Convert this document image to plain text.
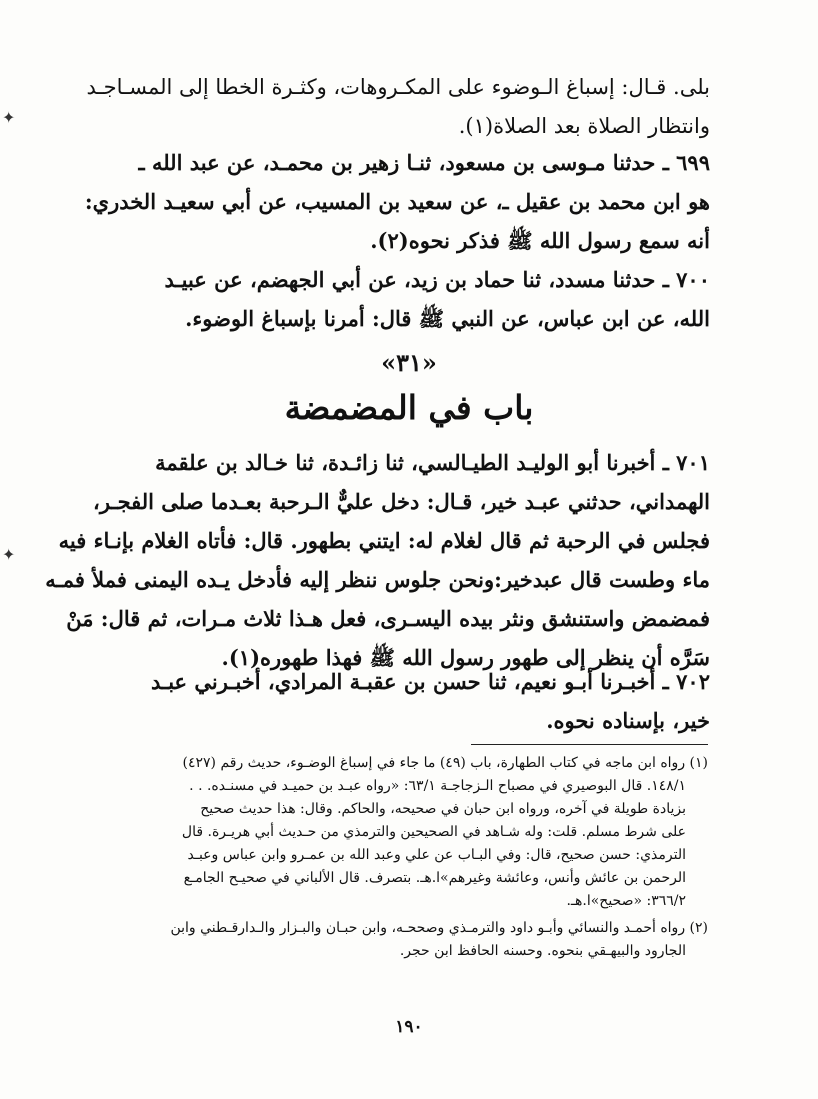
بلى. قـال: إسباغ الـوضوء على المكـروهات، وكثـرة الخطا إلى المسـاجـد
وانتظار الصلاة بعد الصلاة(١).
٦٩٩ ـ حدثنا مـوسى بن مسعود، ثنـا زهير بن محمـد، عن عبد الله ـ
هو ابن محمد بن عقيل ـ، عن سعيد بن المسيب، عن أبي سعيـد الخدري:
أنه سمع رسول الله ﷺ فذكر نحوه(٢).
٧٠٠ ـ حدثنا مسدد، ثنا حماد بن زيد، عن أبي الجهضم، عن عبيـد
الله، عن ابن عباس، عن النبي ﷺ قال: أمرنا بإسباغ الوضوء.
«٣١»
باب في المضمضة
٧٠١ ـ أخبرنا أبو الوليـد الطيـالسي، ثنا زائـدة، ثنا خـالد بن علقمة
الهمداني، حدثني عبـد خير، قـال: دخل عليٌّ الـرحبة بعـدما صلى الفجـر،
فجلس في الرحبة ثم قال لغلام له: ايتني بطهور. قال: فأتاه الغلام بإنـاء فيه
ماء وطست قال عبدخير:ونحن جلوس ننظر إليه فأدخل يـده اليمنى فملأ فمـه
فمضمض واستنشق ونثر بيده اليسـرى، فعل هـذا ثلاث مـرات، ثم قال: مَنْ
سَرَّه أن ينظر إلى طهور رسول الله ﷺ فهذا طهوره(١).
٧٠٢ ـ أخبـرنا أبـو نعيم، ثنا حسن بن عقبـة المرادي، أخبـرني عبـد
خير، بإسناده نحوه.
(١) رواه ابن ماجه في كتاب الطهارة، باب (٤٩) ما جاء في إسباغ الوضـوء، حديث رقم (٤٢٧)
١٤٨/١. قال البوصيري في مصباح الـزجاجـة ٦٣/١: «رواه عبـد بن حميـد في مسنـده. . .
بزيادة طويلة في آخره، ورواه ابن حبان في صحيحه، والحاكم. وقال: هذا حديث صحيح
على شرط مسلم. قلت: وله شـاهد في الصحيحين والترمذي من حـديث أبي هريـرة. قال
الترمذي: حسن صحيح، قال: وفي البـاب عن علي وعبد الله بن عمـرو وابن عباس وعبـد
الرحمن بن عائش وأنس، وعائشة وغيرهم»ا.هـ. بتصرف. قال الألباني في صحيـح الجامـع
٣٦٦/٢: «صحيح»ا.هـ.
(٢) رواه أحمـد والنسائي وأبـو داود والترمـذي وصححـه، وابن حبـان والبـزار والـدارقـطني وابن
الجارود والبيهـقي بنحوه. وحسنه الحافظ ابن حجر.
١٩٠
✦
✦
